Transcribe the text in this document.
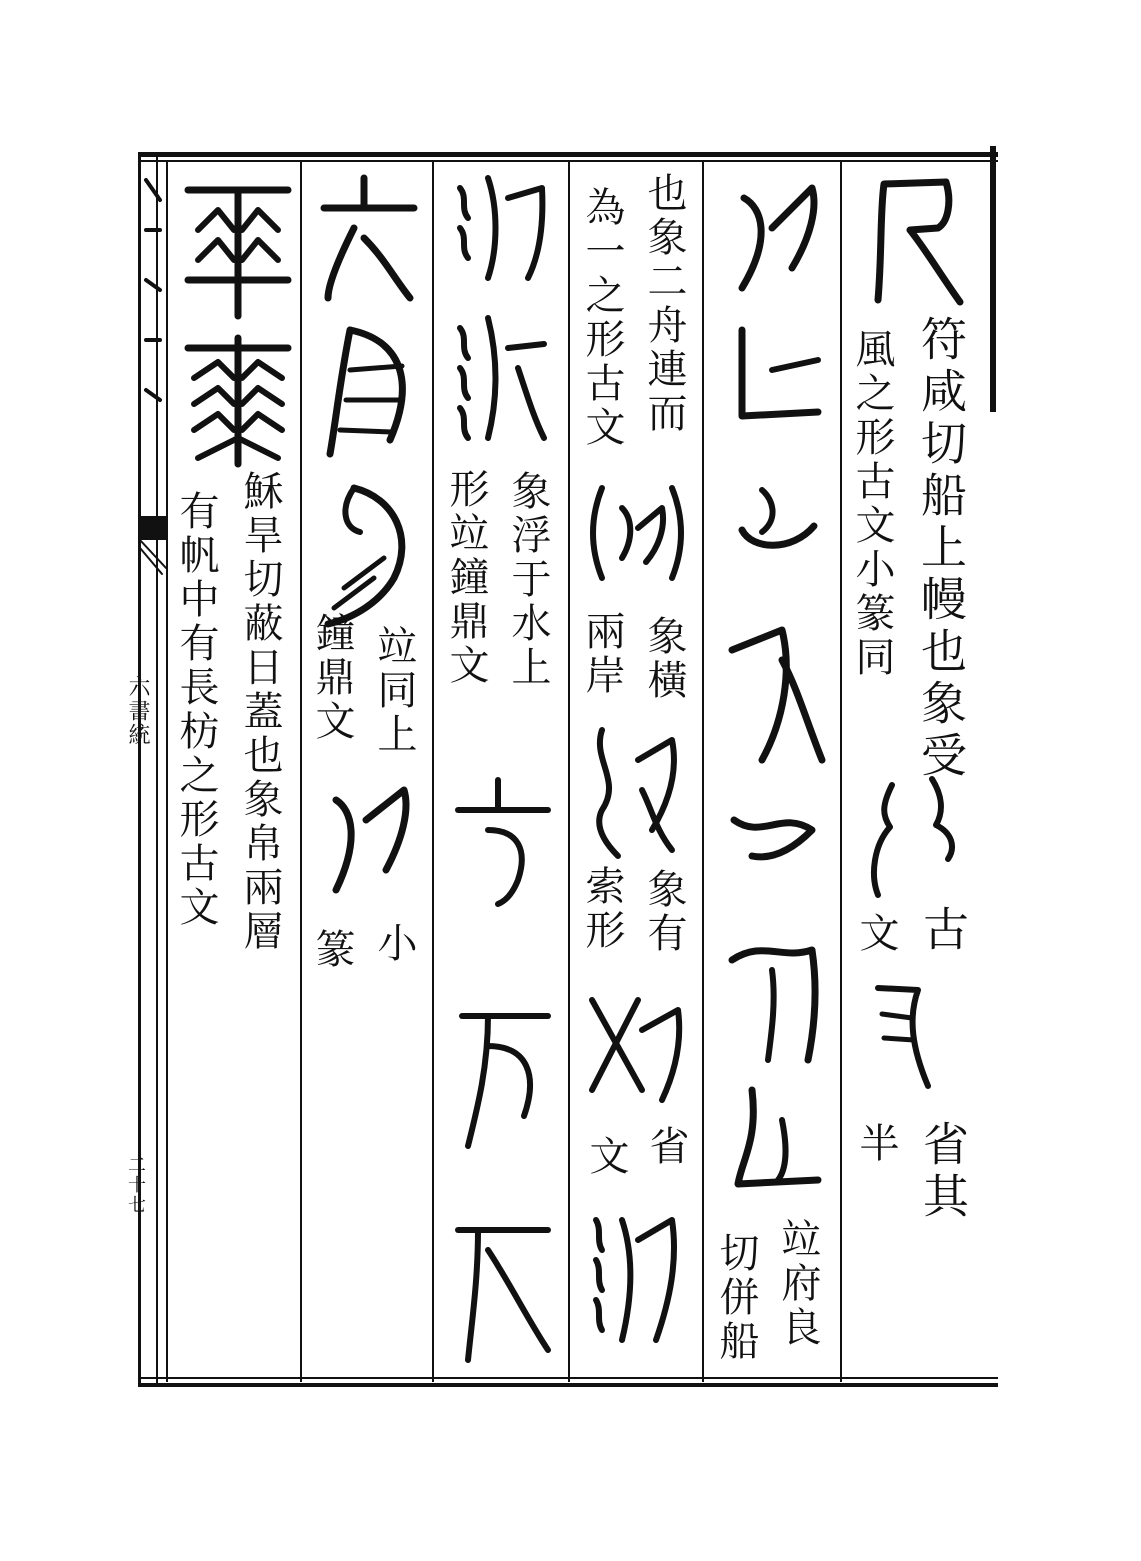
六書統
二十七
符咸切船上幔也象受
風之形古文小篆同
古
文
省其
半
竝府良
切併船
也象二舟連而
為一之形古文
象橫
兩岸
象有
索形
省
文
象浮于水上
形竝鐘鼎文
竝同上
鐘鼎文
小
篆
穌旱切蔽日蓋也象帛兩層
有帆中有長枋之形古文
